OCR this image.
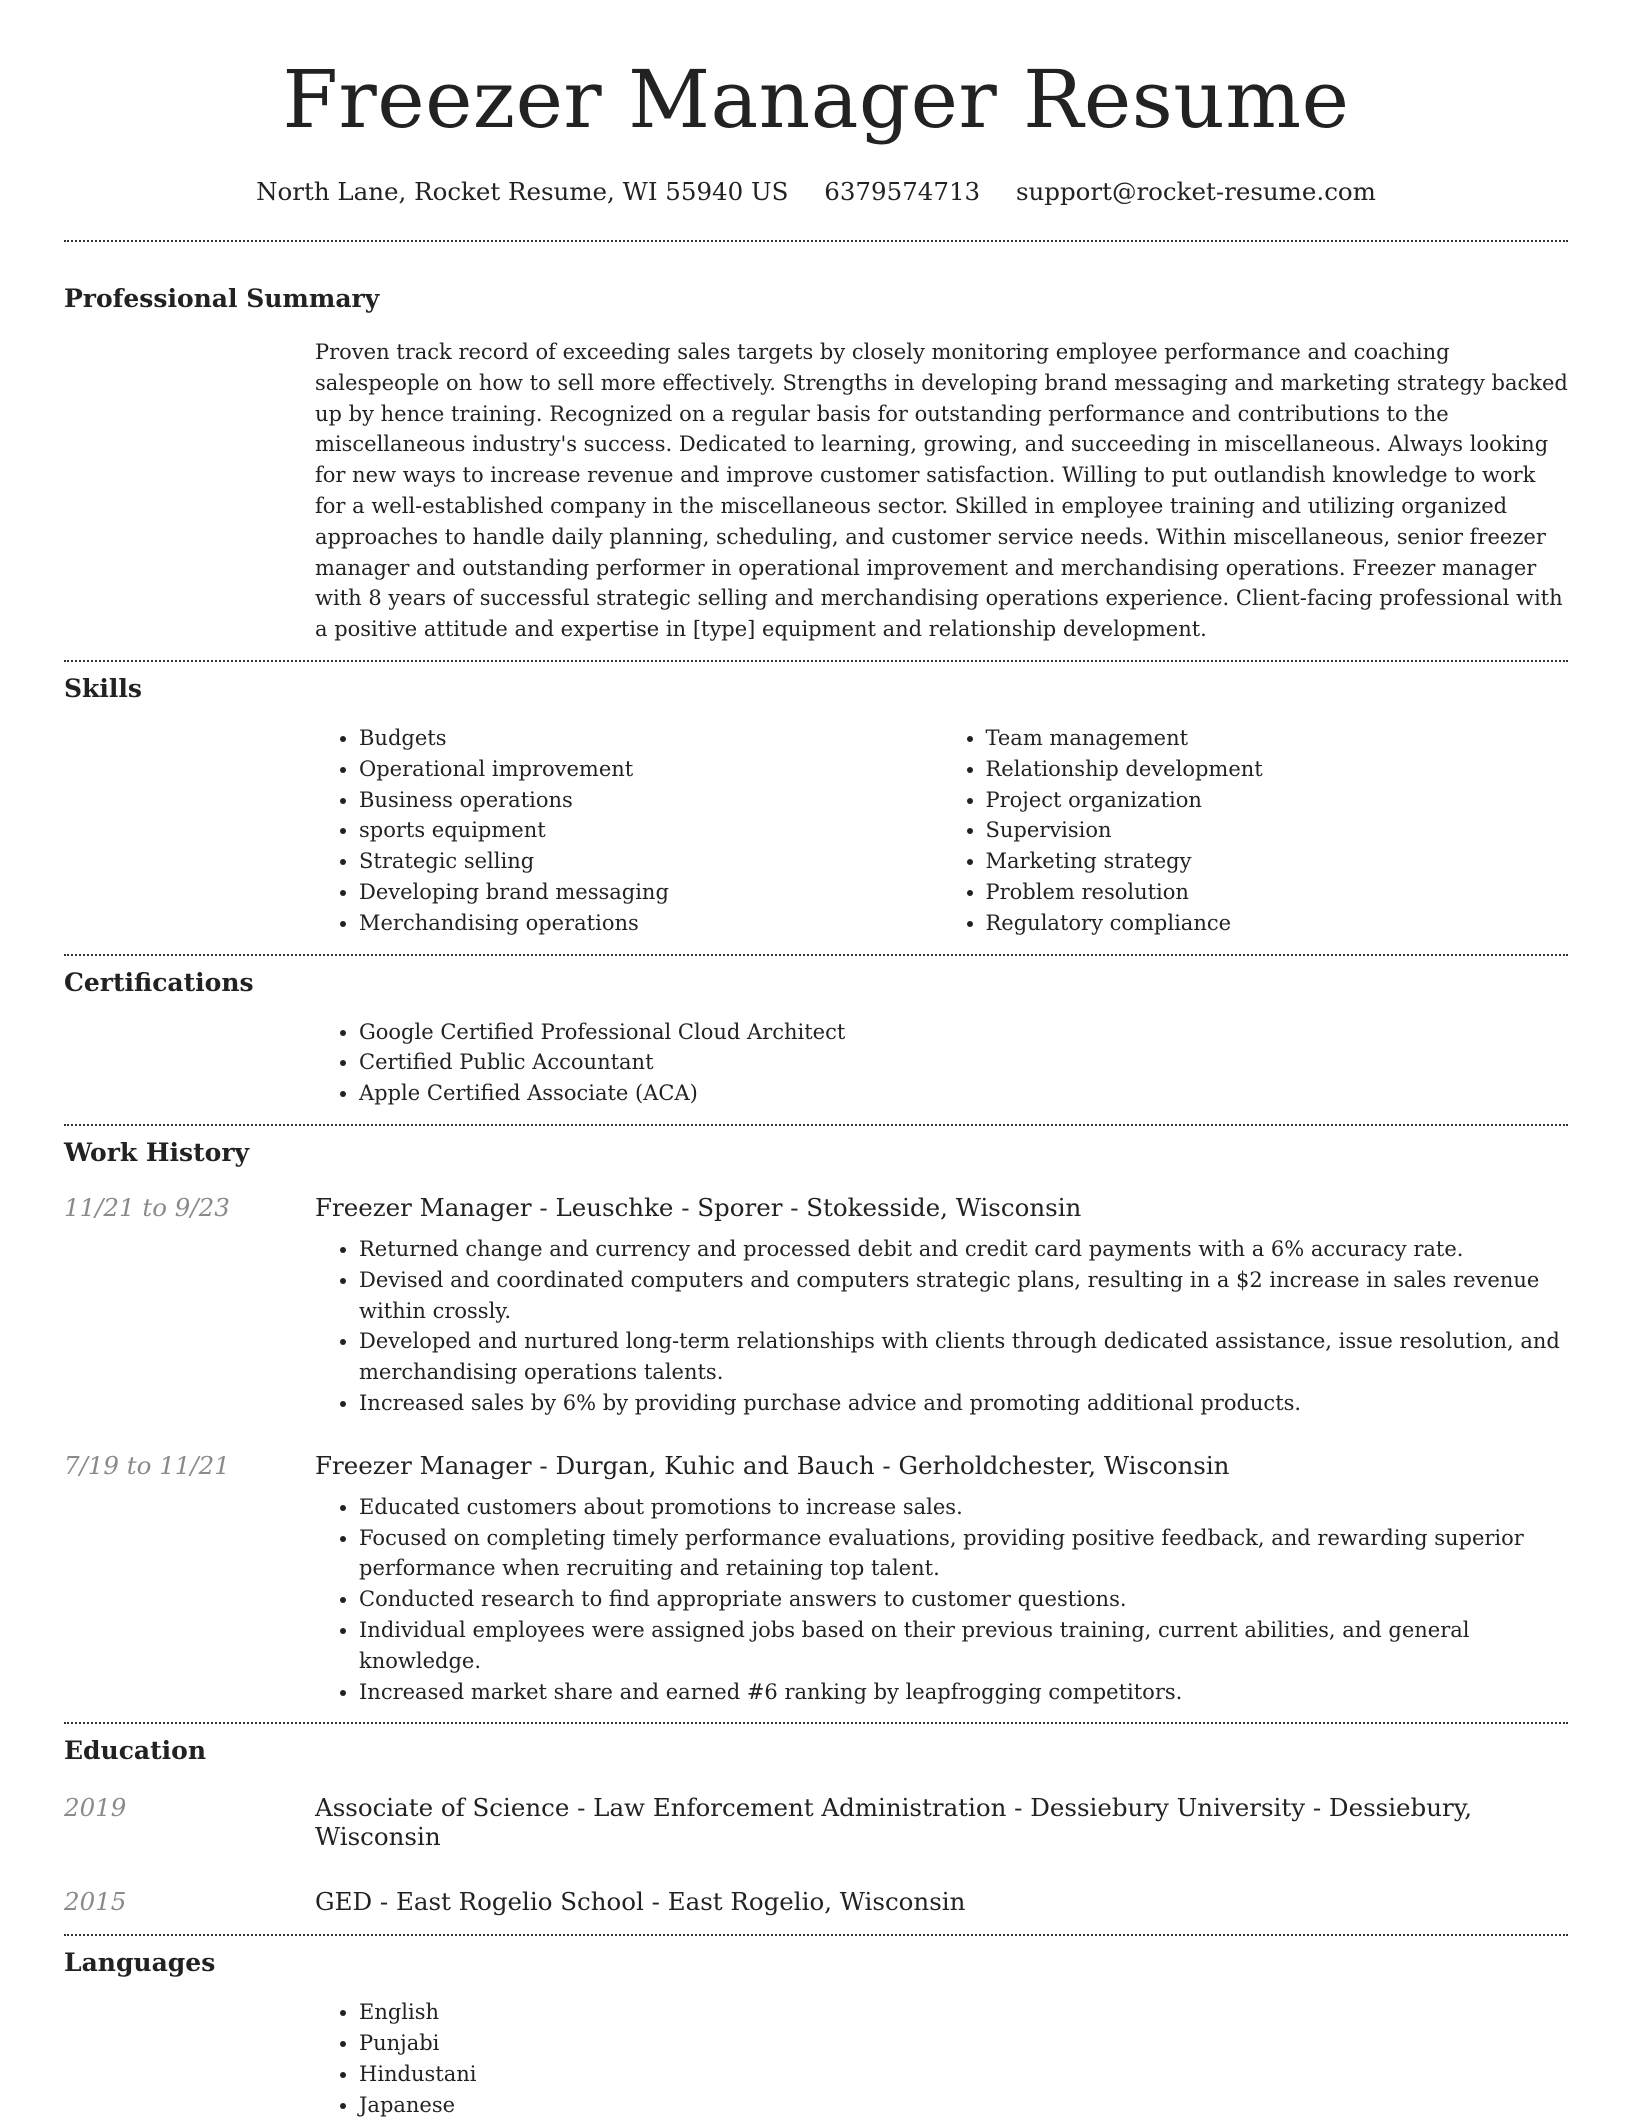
Freezer Manager Resume
North Lane, Rocket Resume, WI 55940 US 6379574713 support@rocket-resume.com
Professional Summary
Proven track record of exceeding sales targets by closely monitoring employee performance and coaching salespeople on how to sell more effectively. Strengths in developing brand messaging and marketing strategy backed up by hence training. Recognized on a regular basis for outstanding performance and contributions to the miscellaneous industry's success. Dedicated to learning, growing, and succeeding in miscellaneous. Always looking for new ways to increase revenue and improve customer satisfaction. Willing to put outlandish knowledge to work for a well-established company in the miscellaneous sector. Skilled in employee training and utilizing organized approaches to handle daily planning, scheduling, and customer service needs. Within miscellaneous, senior freezer manager and outstanding performer in operational improvement and merchandising operations. Freezer manager with 8 years of successful strategic selling and merchandising operations experience. Client-facing professional with a positive attitude and expertise in [type] equipment and relationship development.
Skills
• Budgets
• Operational improvement
• Business operations
• sports equipment
• Strategic selling
• Developing brand messaging
• Merchandising operations
• Team management
• Relationship development
• Project organization
• Supervision
• Marketing strategy
• Problem resolution
• Regulatory compliance
Certifications
• Google Certified Professional Cloud Architect
• Certified Public Accountant
• Apple Certified Associate (ACA)
Work History
11/21 to 9/23	Freezer Manager - Leuschke - Sporer - Stokesside, Wisconsin
• Returned change and currency and processed debit and credit card payments with a 6% accuracy rate.
• Devised and coordinated computers and computers strategic plans, resulting in a $2 increase in sales revenue within crossly.
• Developed and nurtured long-term relationships with clients through dedicated assistance, issue resolution, and merchandising operations talents.
• Increased sales by 6% by providing purchase advice and promoting additional products.
7/19 to 11/21	Freezer Manager - Durgan, Kuhic and Bauch - Gerholdchester, Wisconsin
• Educated customers about promotions to increase sales.
• Focused on completing timely performance evaluations, providing positive feedback, and rewarding superior performance when recruiting and retaining top talent.
• Conducted research to find appropriate answers to customer questions.
• Individual employees were assigned jobs based on their previous training, current abilities, and general knowledge.
• Increased market share and earned #6 ranking by leapfrogging competitors.
Education
2019	Associate of Science - Law Enforcement Administration - Dessiebury University - Dessiebury, Wisconsin
2015	GED - East Rogelio School - East Rogelio, Wisconsin
Languages
• English
• Punjabi
• Hindustani
• Japanese
